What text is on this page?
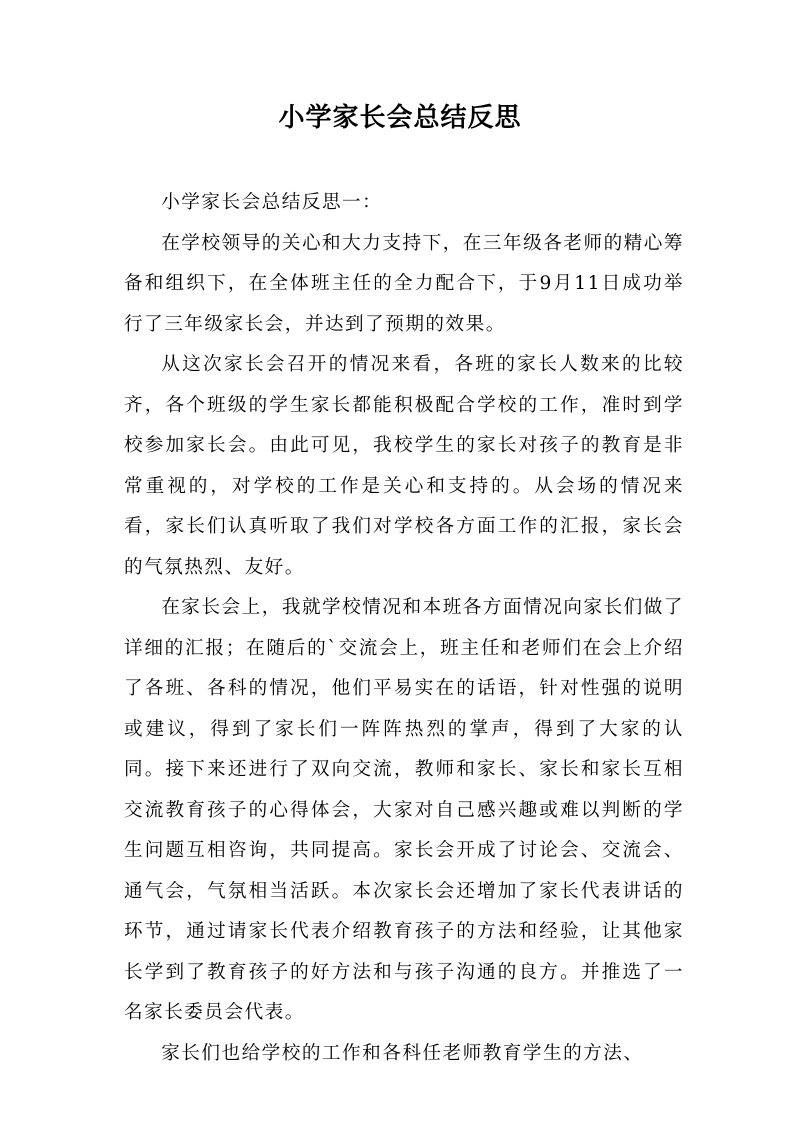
小学家长会总结反思

小学家长会总结反思一：

在学校领导的关心和大力支持下，在三年级各老师的精心筹备和组织下，在全体班主任的全力配合下，于9月11日成功举行了三年级家长会，并达到了预期的效果。

从这次家长会召开的情况来看，各班的家长人数来的比较齐，各个班级的学生家长都能积极配合学校的工作，准时到学校参加家长会。由此可见，我校学生的家长对孩子的教育是非常重视的，对学校的工作是关心和支持的。从会场的情况来看，家长们认真听取了我们对学校各方面工作的汇报，家长会的气氛热烈、友好。

在家长会上，我就学校情况和本班各方面情况向家长们做了详细的汇报；在随后的`交流会上，班主任和老师们在会上介绍了各班、各科的情况，他们平易实在的话语，针对性强的说明或建议，得到了家长们一阵阵热烈的掌声，得到了大家的认同。接下来还进行了双向交流，教师和家长、家长和家长互相交流教育孩子的心得体会，大家对自己感兴趣或难以判断的学生问题互相咨询，共同提高。家长会开成了讨论会、交流会、通气会，气氛相当活跃。本次家长会还增加了家长代表讲话的环节，通过请家长代表介绍教育孩子的方法和经验，让其他家长学到了教育孩子的好方法和与孩子沟通的良方。并推选了一名家长委员会代表。

家长们也给学校的工作和各科任老师教育学生的方法、
